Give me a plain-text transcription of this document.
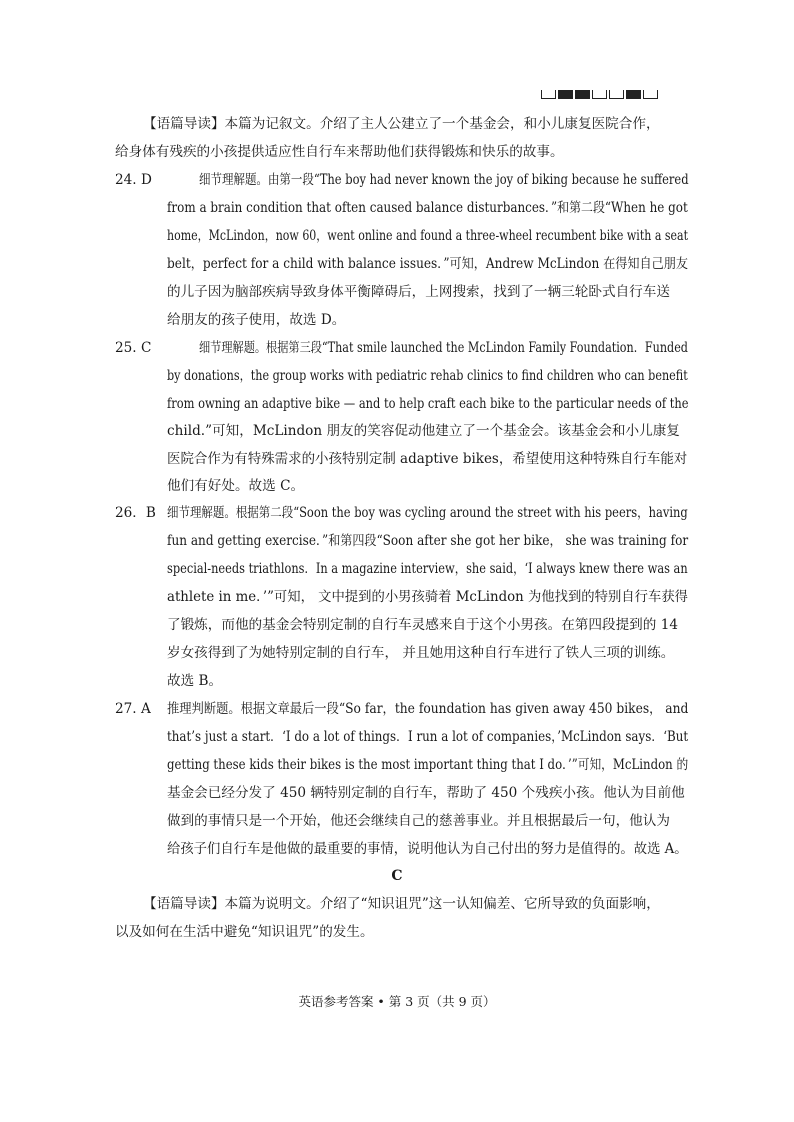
【语篇导读】本篇为记叙文。介绍了主人公建立了一个基金会，和小儿康复医院合作，
给身体有残疾的小孩提供适应性自行车来帮助他们获得锻炼和快乐的故事。
24. D	细节理解题。由第一段“The boy had never known the joy of biking because he suffered
from a brain condition that often caused balance disturbances．”和第二段“When he got
home，McLindon，now 60，went online and found a three-wheel recumbent bike with a seat
belt，perfect for a child with balance issues．”可知，Andrew McLindon 在得知自己朋友
的儿子因为脑部疾病导致身体平衡障碍后，上网搜索，找到了一辆三轮卧式自行车送
给朋友的孩子使用，故选 D。
25. C	细节理解题。根据第三段“That smile launched the McLindon Family Foundation．Funded
by donations，the group works with pediatric rehab clinics to find children who can benefit
from owning an adaptive bike — and to help craft each bike to the particular needs of the
child.”可知，McLindon 朋友的笑容促动他建立了一个基金会。该基金会和小儿康复
医院合作为有特殊需求的小孩特别定制 adaptive bikes，希望使用这种特殊自行车能对
他们有好处。故选 C。
26．B 细节理解题。根据第二段“Soon the boy was cycling around the street with his peers，having
fun and getting exercise．”和第四段“Soon after she got her bike， she was training for
special-needs triathlons．In a magazine interview，she said，‘I always knew there was an
athlete in me．’”可知， 文中提到的小男孩骑着 McLindon 为他找到的特别自行车获得
了锻炼，而他的基金会特别定制的自行车灵感来自于这个小男孩。在第四段提到的 14
岁女孩得到了为她特别定制的自行车， 并且她用这种自行车进行了铁人三项的训练。
故选 B。
27. A 推理判断题。根据文章最后一段“So far，the foundation has given away 450 bikes， and
that’s just a start．‘I do a lot of things．I run a lot of companies，’McLindon says．‘But
getting these kids their bikes is the most important thing that I do．’”可知，McLindon 的
基金会已经分发了 450 辆特别定制的自行车，帮助了 450 个残疾小孩。他认为目前他
做到的事情只是一个开始，他还会继续自己的慈善事业。并且根据最后一句，他认为
给孩子们自行车是他做的最重要的事情，说明他认为自己付出的努力是值得的。故选 A。
C
【语篇导读】本篇为说明文。介绍了“知识诅咒”这一认知偏差、它所导致的负面影响，
以及如何在生活中避免“知识诅咒”的发生。
英语参考答案 • 第 3 页（共 9 页）
